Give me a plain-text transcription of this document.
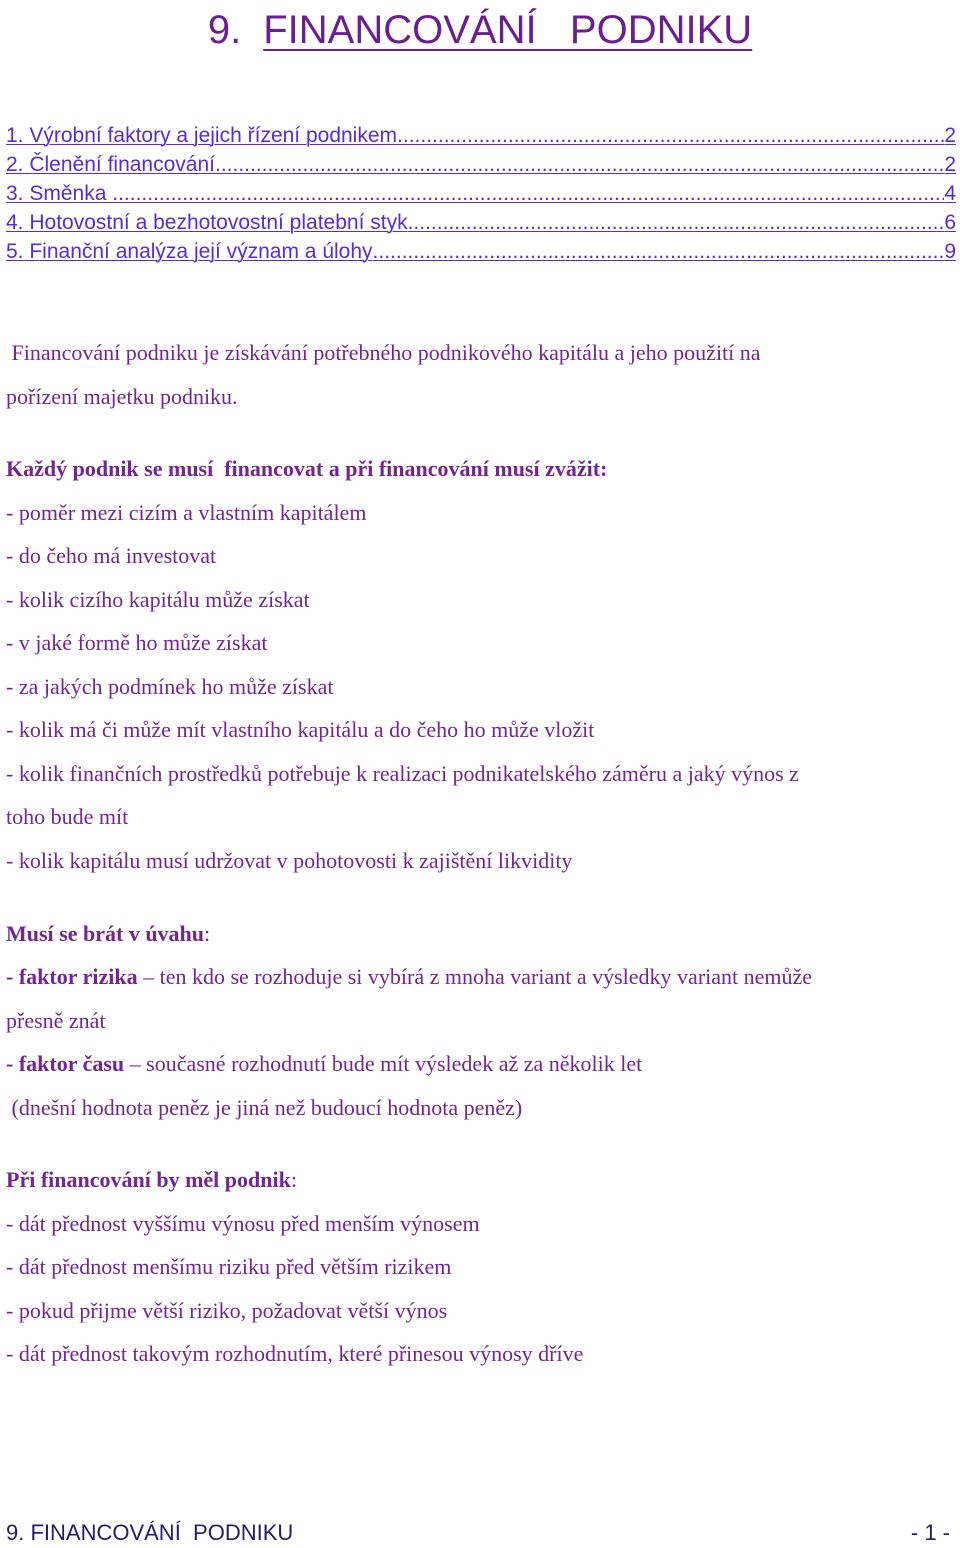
9. FINANCOVÁNÍ   PODNIKU
1. Výrobní faktory a jejich řízení podnikem .....	2
2. Členění financování .....	2
3. Směnka .....	4
4. Hotovostní a bezhotovostní platební styk .....	6
5. Finanční analýza její význam a úlohy .....	9

Financování podniku je získávání potřebného podnikového kapitálu a jeho použití na

pořízení majetku podniku.

Každý podnik se musí  financovat a při financování musí zvážit:

- poměr mezi cizím a vlastním kapitálem

- do čeho má investovat

- kolik cizího kapitálu může získat

- v jaké formě ho může získat

- za jakých podmínek ho může získat

- kolik má či může mít vlastního kapitálu a do čeho ho může vložit

- kolik finančních prostředků potřebuje k realizaci podnikatelského záměru a jaký výnos z

toho bude mít

- kolik kapitálu musí udržovat v pohotovosti k zajištění likvidity

Musí se brát v úvahu:

- faktor rizika – ten kdo se rozhoduje si vybírá z mnoha variant a výsledky variant nemůže

přesně znát

- faktor času – současné rozhodnutí bude mít výsledek až za několik let

(dnešní hodnota peněz je jiná než budoucí hodnota peněz)

Při financování by měl podnik:

- dát přednost vyššímu výnosu před menším výnosem

- dát přednost menšímu riziku před větším rizikem

- pokud přijme větší riziko, požadovat větší výnos

- dát přednost takovým rozhodnutím, které přinesou výnosy dříve

9. FINANCOVÁNÍ  PODNIKU	- 1 -
